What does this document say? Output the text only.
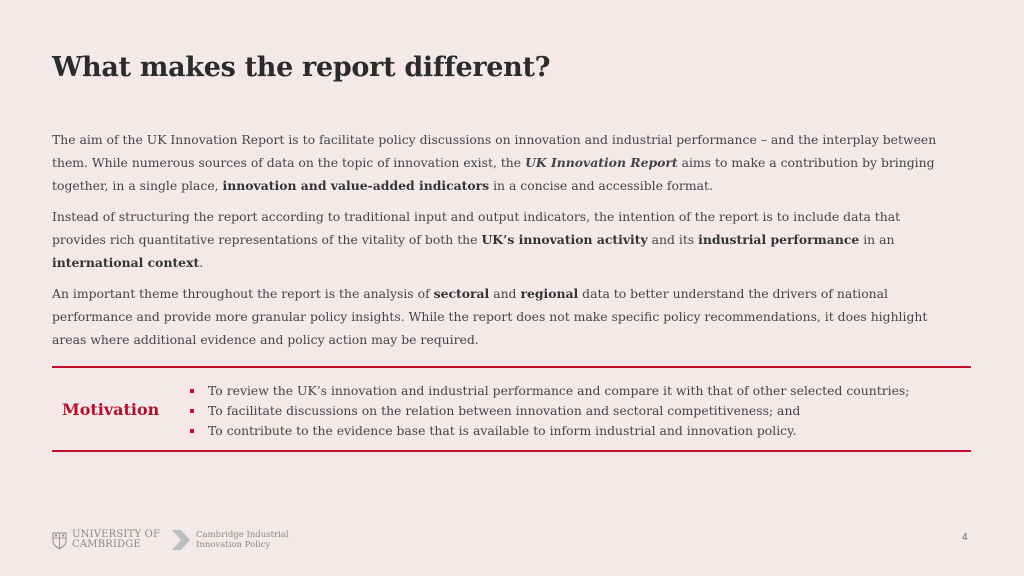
What makes the report different?

The aim of the UK Innovation Report is to facilitate policy discussions on innovation and industrial performance – and the interplay between them. While numerous sources of data on the topic of innovation exist, the UK Innovation Report aims to make a contribution by bringing together, in a single place, innovation and value-added indicators in a concise and accessible format.

Instead of structuring the report according to traditional input and output indicators, the intention of the report is to include data that provides rich quantitative representations of the vitality of both the UK’s innovation activity and its industrial performance in an international context.

An important theme throughout the report is the analysis of sectoral and regional data to better understand the drivers of national performance and provide more granular policy insights. While the report does not make specific policy recommendations, it does highlight areas where additional evidence and policy action may be required.

Motivation
To review the UK’s innovation and industrial performance and compare it with that of other selected countries;
To facilitate discussions on the relation between innovation and sectoral competitiveness; and
To contribute to the evidence base that is available to inform industrial and innovation policy.
UNIVERSITY OF
CAMBRIDGE
Cambridge Industrial
Innovation Policy
4
